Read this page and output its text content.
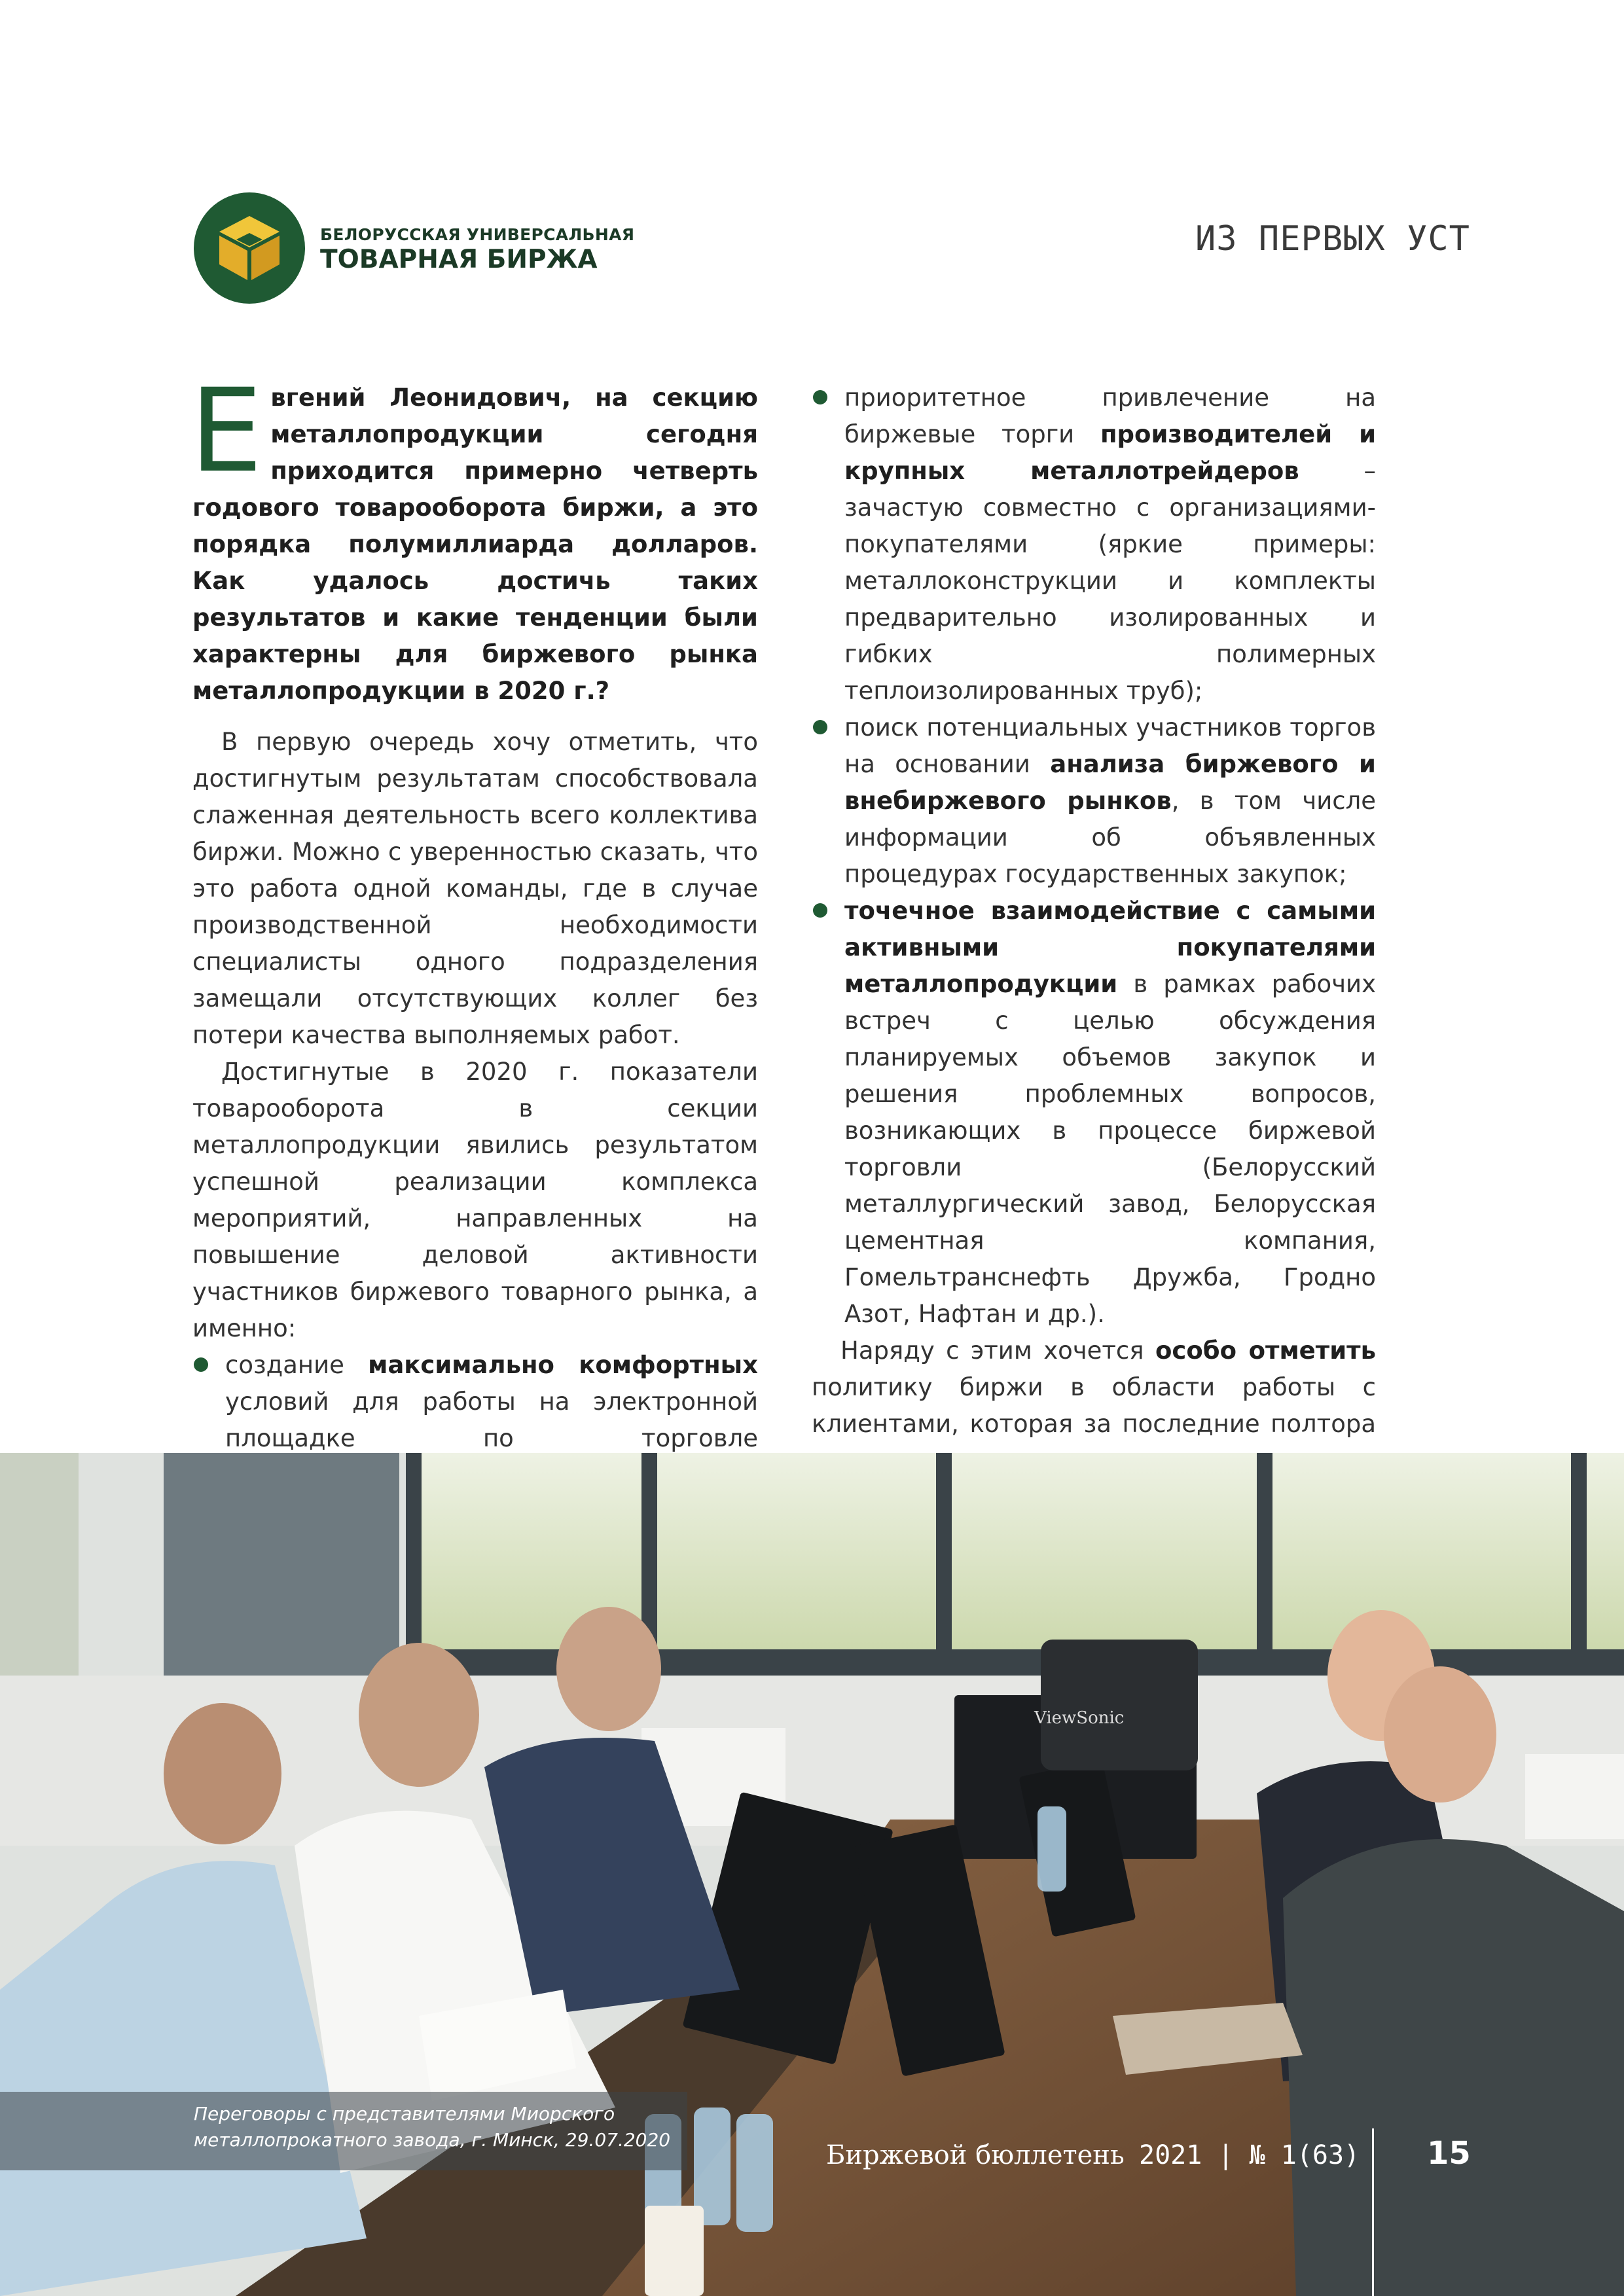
БЕЛОРУССКАЯ УНИВЕРСАЛЬНАЯ
ТОВАРНАЯ БИРЖА
ИЗ ПЕРВЫХ УСТ

Евгений Леонидович, на секцию металлопродукции сегодня приходится примерно четверть годового товарооборота биржи, а это порядка полумиллиарда долларов. Как удалось достичь таких результатов и какие тенденции были характерны для биржевого рынка металлопродукции в 2020 г.?

В первую очередь хочу отметить, что достигнутым результатам способствовала слаженная деятельность всего коллектива биржи. Можно с уверенностью сказать, что это работа одной команды, где в случае производственной необходимости специалисты одного подразделения замещали отсутствующих коллег без потери качества выполняемых работ.

Достигнутые в 2020 г. показатели товарооборота в секции металлопродукции явились результатом успешной реализации комплекса мероприятий, направленных на повышение деловой активности участников биржевого товарного рынка, а именно:

создание максимально комфортных условий для работы на электронной площадке по торговле
приоритетное привлечение на биржевые торги производителей и крупных металлотрейдеров – зачастую совместно с организациями-покупателями (яркие примеры: металлоконструкции и комплекты предварительно изолированных и гибких полимерных теплоизолированных труб);
поиск потенциальных участников торгов на основании анализа биржевого и внебиржевого рынков, в том числе информации об объявленных процедурах государственных закупок;
точечное взаимодействие с самыми активными покупателями металлопродукции в рамках рабочих встреч с целью обсуждения планируемых объемов закупок и решения проблемных вопросов, возникающих в процессе биржевой торговли (Белорусский металлургический завод, Белорусская цементная компания, Гомельтранснефть Дружба, Гродно Азот, Нафтан и др.).

Наряду с этим хочется особо отметить политику биржи в области работы с клиентами, которая за последние полтора

ViewSonic
Переговоры с представителями Миорского металлопрокатного завода, г. Минск, 29.07.2020
Биржевой бюллетень 2021 | № 1(63) 15
